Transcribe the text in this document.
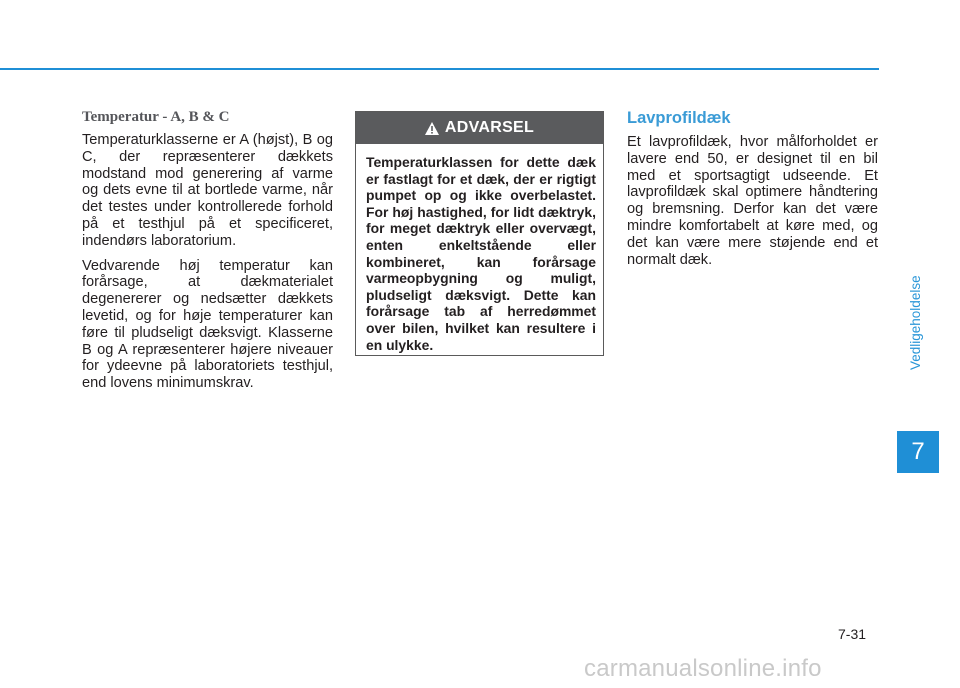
Temperatur - A, B & C

Temperaturklasserne er A (højst), B og C, der repræsenterer dækkets modstand mod generering af varme og dets evne til at bortlede varme, når det testes under kontrollerede forhold på et testhjul på et specificeret, indendørs laboratorium.

Vedvarende høj temperatur kan forårsage, at dækmaterialet degenererer og nedsætter dækkets levetid, og for høje temperaturer kan føre til pludseligt dæksvigt. Klasserne B og A repræsenterer højere niveauer for ydeevne på laboratoriets testhjul, end lovens minimumskrav.

ADVARSEL
Temperaturklassen for dette dæk er fastlagt for et dæk, der er rigtigt pumpet op og ikke overbelastet. For høj hastighed, for lidt dæktryk, for meget dæktryk eller overvægt, enten enkeltstående eller kombineret, kan forårsage varmeopbygning og muligt, pludseligt dæksvigt. Dette kan forårsage tab af herredømmet over bilen, hvilket kan resultere i en ulykke.
Lavprofildæk

Et lavprofildæk, hvor målforholdet er lavere end 50, er designet til en bil med et sportsagtigt udseende. Et lavprofildæk skal optimere håndtering og bremsning. Derfor kan det være mindre komfortabelt at køre med, og det kan være mere støjende end et normalt dæk.

Vedligeholdelse
7
7-31
carmanualsonline.info
